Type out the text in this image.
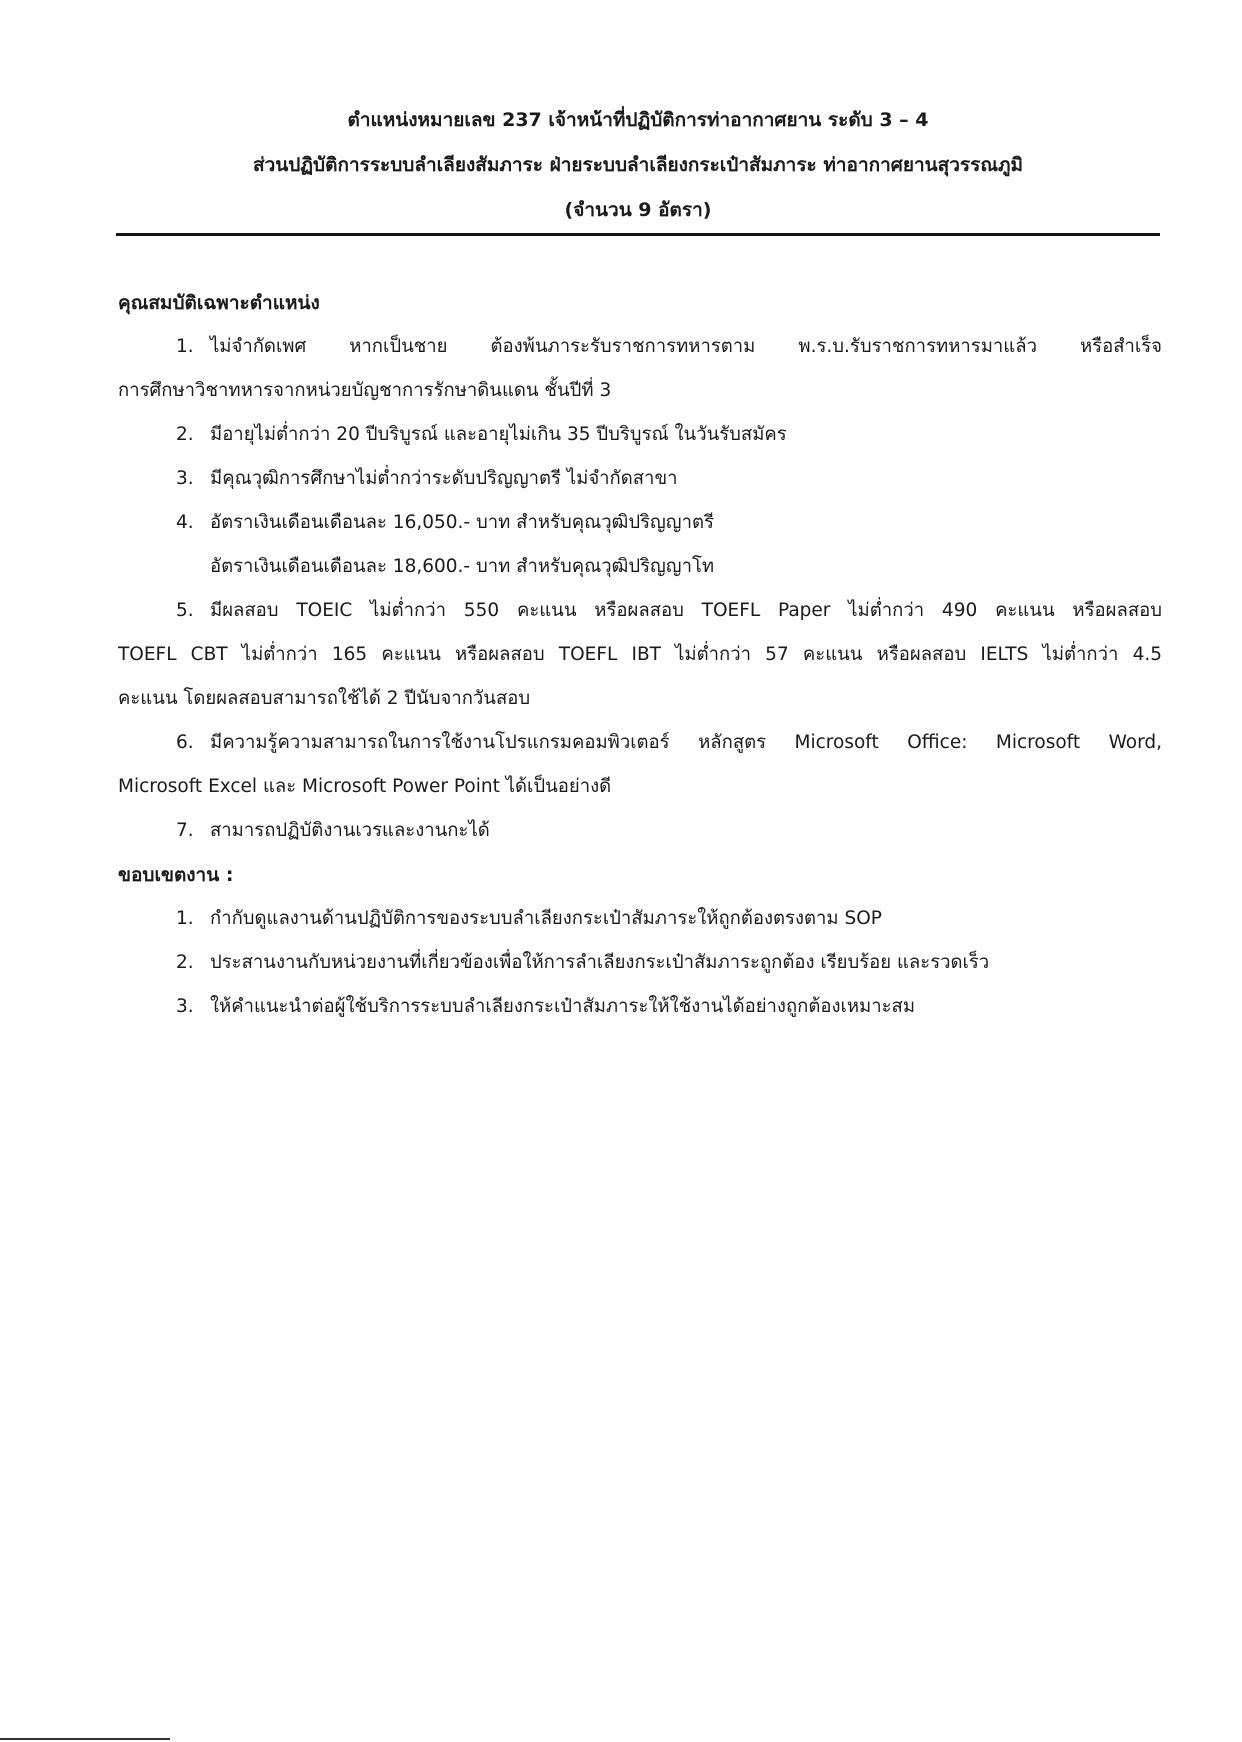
ตำแหน่งหมายเลข 237 เจ้าหน้าที่ปฏิบัติการท่าอากาศยาน ระดับ 3 – 4
ส่วนปฏิบัติการระบบลำเลียงสัมภาระ ฝ่ายระบบลำเลียงกระเป๋าสัมภาระ ท่าอากาศยานสุวรรณภูมิ
(จำนวน 9 อัตรา)
คุณสมบัติเฉพาะตำแหน่ง
1. ไม่จำกัดเพศ หากเป็นชาย ต้องพ้นภาระรับราชการทหารตาม พ.ร.บ.รับราชการทหารมาแล้ว หรือสำเร็จ
การศึกษาวิชาทหารจากหน่วยบัญชาการรักษาดินแดน ชั้นปีที่ 3
2. มีอายุไม่ต่ำกว่า 20 ปีบริบูรณ์ และอายุไม่เกิน 35 ปีบริบูรณ์ ในวันรับสมัคร
3. มีคุณวุฒิการศึกษาไม่ต่ำกว่าระดับปริญญาตรี ไม่จำกัดสาขา
4. อัตราเงินเดือนเดือนละ 16,050.- บาท สำหรับคุณวุฒิปริญญาตรี
อัตราเงินเดือนเดือนละ 18,600.- บาท สำหรับคุณวุฒิปริญญาโท
5. มีผลสอบ TOEIC ไม่ต่ำกว่า 550 คะแนน หรือผลสอบ TOEFL Paper ไม่ต่ำกว่า 490 คะแนน หรือผลสอบ
TOEFL CBT ไม่ต่ำกว่า 165 คะแนน หรือผลสอบ TOEFL IBT ไม่ต่ำกว่า 57 คะแนน หรือผลสอบ IELTS ไม่ต่ำกว่า 4.5
คะแนน โดยผลสอบสามารถใช้ได้ 2 ปีนับจากวันสอบ
6. มีความรู้ความสามารถในการใช้งานโปรแกรมคอมพิวเตอร์ หลักสูตร Microsoft Office: Microsoft Word,
Microsoft Excel และ Microsoft Power Point ได้เป็นอย่างดี
7. สามารถปฏิบัติงานเวรและงานกะได้
ขอบเขตงาน :
1. กำกับดูแลงานด้านปฏิบัติการของระบบลำเลียงกระเป๋าสัมภาระให้ถูกต้องตรงตาม SOP
2. ประสานงานกับหน่วยงานที่เกี่ยวข้องเพื่อให้การลำเลียงกระเป๋าสัมภาระถูกต้อง เรียบร้อย และรวดเร็ว
3. ให้คำแนะนำต่อผู้ใช้บริการระบบลำเลียงกระเป๋าสัมภาระให้ใช้งานได้อย่างถูกต้องเหมาะสม
